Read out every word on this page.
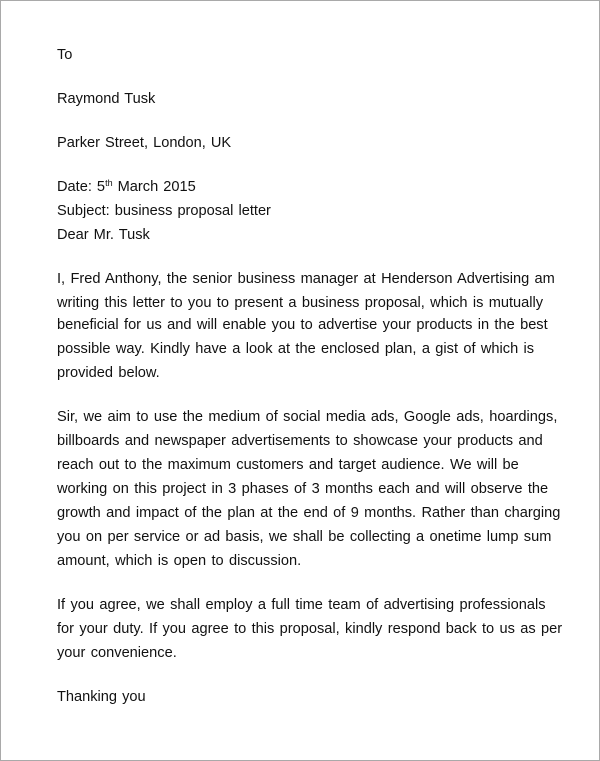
To
Raymond Tusk
Parker Street, London, UK
Date: 5th March 2015
Subject: business proposal letter
Dear Mr. Tusk
I, Fred Anthony, the senior business manager at Henderson Advertising am
writing this letter to you to present a business proposal, which is mutually
beneficial for us and will enable you to advertise your products in the best
possible way. Kindly have a look at the enclosed plan, a gist of which is
provided below.
Sir, we aim to use the medium of social media ads, Google ads, hoardings,
billboards and newspaper advertisements to showcase your products and
reach out to the maximum customers and target audience. We will be
working on this project in 3 phases of 3 months each and will observe the
growth and impact of the plan at the end of 9 months. Rather than charging
you on per service or ad basis, we shall be collecting a onetime lump sum
amount, which is open to discussion.
If you agree, we shall employ a full time team of advertising professionals
for your duty. If you agree to this proposal, kindly respond back to us as per
your convenience.
Thanking you
